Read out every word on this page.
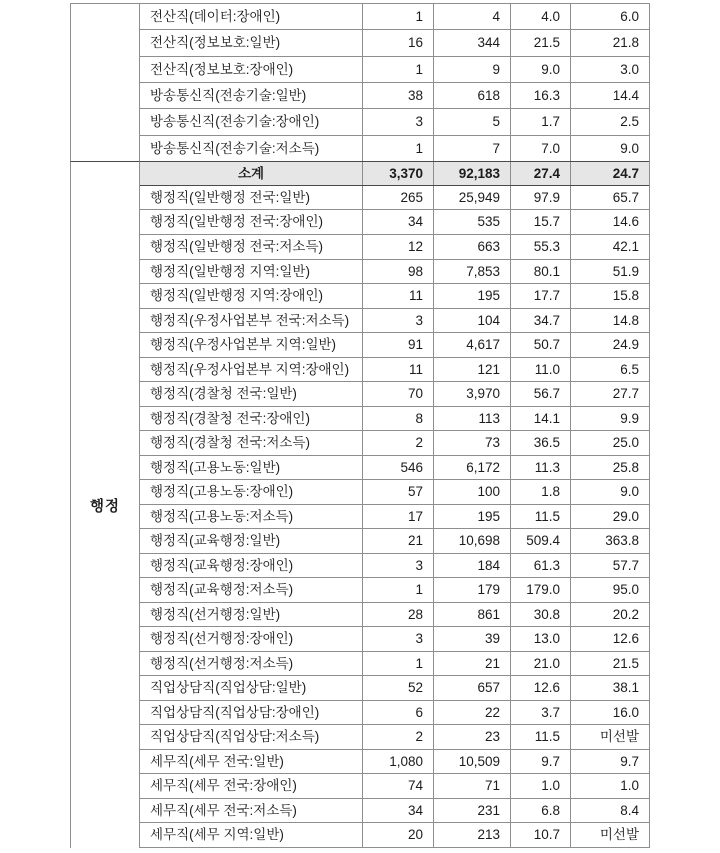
행정
전산직(데이터:장애인)	1	4	4.0	6.0
전산직(정보보호:일반)	16	344	21.5	21.8
전산직(정보보호:장애인)	1	9	9.0	3.0
방송통신직(전송기술:일반)	38	618	16.3	14.4
방송통신직(전송기술:장애인)	3	5	1.7	2.5
방송통신직(전송기술:저소득)	1	7	7.0	9.0
소계	3,370	92,183	27.4	24.7
행정직(일반행정 전국:일반)	265	25,949	97.9	65.7
행정직(일반행정 전국:장애인)	34	535	15.7	14.6
행정직(일반행정 전국:저소득)	12	663	55.3	42.1
행정직(일반행정 지역:일반)	98	7,853	80.1	51.9
행정직(일반행정 지역:장애인)	11	195	17.7	15.8
행정직(우정사업본부 전국:저소득)	3	104	34.7	14.8
행정직(우정사업본부 지역:일반)	91	4,617	50.7	24.9
행정직(우정사업본부 지역:장애인)	11	121	11.0	6.5
행정직(경찰청 전국:일반)	70	3,970	56.7	27.7
행정직(경찰청 전국:장애인)	8	113	14.1	9.9
행정직(경찰청 전국:저소득)	2	73	36.5	25.0
행정직(고용노동:일반)	546	6,172	11.3	25.8
행정직(고용노동:장애인)	57	100	1.8	9.0
행정직(고용노동:저소득)	17	195	11.5	29.0
행정직(교육행정:일반)	21	10,698	509.4	363.8
행정직(교육행정:장애인)	3	184	61.3	57.7
행정직(교육행정:저소득)	1	179	179.0	95.0
행정직(선거행정:일반)	28	861	30.8	20.2
행정직(선거행정:장애인)	3	39	13.0	12.6
행정직(선거행정:저소득)	1	21	21.0	21.5
직업상담직(직업상담:일반)	52	657	12.6	38.1
직업상담직(직업상담:장애인)	6	22	3.7	16.0
직업상담직(직업상담:저소득)	2	23	11.5	미선발
세무직(세무 전국:일반)	1,080	10,509	9.7	9.7
세무직(세무 전국:장애인)	74	71	1.0	1.0
세무직(세무 전국:저소득)	34	231	6.8	8.4
세무직(세무 지역:일반)	20	213	10.7	미선발
